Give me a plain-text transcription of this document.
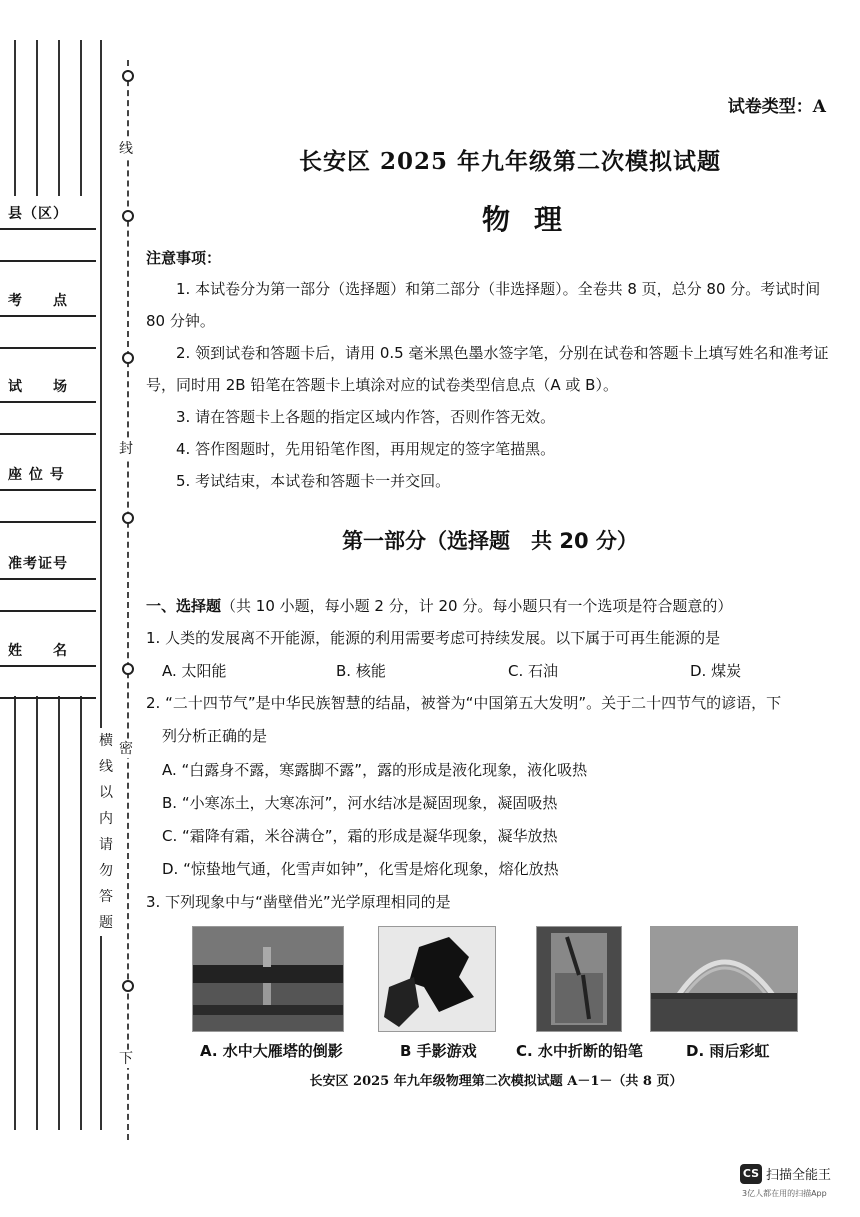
县（区）
考　　点
试　　场
座 位 号
准考证号
姓　　名
线
封
密
下
横线以内请勿答题
试卷类型：A
长安区 2025 年九年级第二次模拟试题
物理
注意事项：
1. 本试卷分为第一部分（选择题）和第二部分（非选择题）。全卷共 8 页，总分 80 分。考试时间 80 分钟。
2. 领到试卷和答题卡后，请用 0.5 毫米黑色墨水签字笔，分别在试卷和答题卡上填写姓名和准考证号，同时用 2B 铅笔在答题卡上填涂对应的试卷类型信息点（A 或 B）。
3. 请在答题卡上各题的指定区域内作答，否则作答无效。
4. 答作图题时，先用铅笔作图，再用规定的签字笔描黑。
5. 考试结束，本试卷和答题卡一并交回。
第一部分（选择题　共 20 分）
一、选择题（共 10 小题，每小题 2 分，计 20 分。每小题只有一个选项是符合题意的）
1. 人类的发展离不开能源，能源的利用需要考虑可持续发展。以下属于可再生能源的是
A. 太阳能	B. 核能	C. 石油	D. 煤炭
2. “二十四节气”是中华民族智慧的结晶，被誉为“中国第五大发明”。关于二十四节气的谚语，下
列分析正确的是
A. “白露身不露，寒露脚不露”，露的形成是液化现象，液化吸热
B. “小寒冻土，大寒冻河”，河水结冰是凝固现象，凝固吸热
C. “霜降有霜，米谷满仓”，霜的形成是凝华现象，凝华放热
D. “惊蛰地气通，化雪声如钟”，化雪是熔化现象，熔化放热
3. 下列现象中与“凿壁借光”光学原理相同的是
A. 水中大雁塔的倒影	B 手影游戏	C. 水中折断的铅笔	D. 雨后彩虹
长安区 2025 年九年级物理第二次模拟试题 A－1－（共 8 页）
CS 扫描全能王
3亿人都在用的扫描App
